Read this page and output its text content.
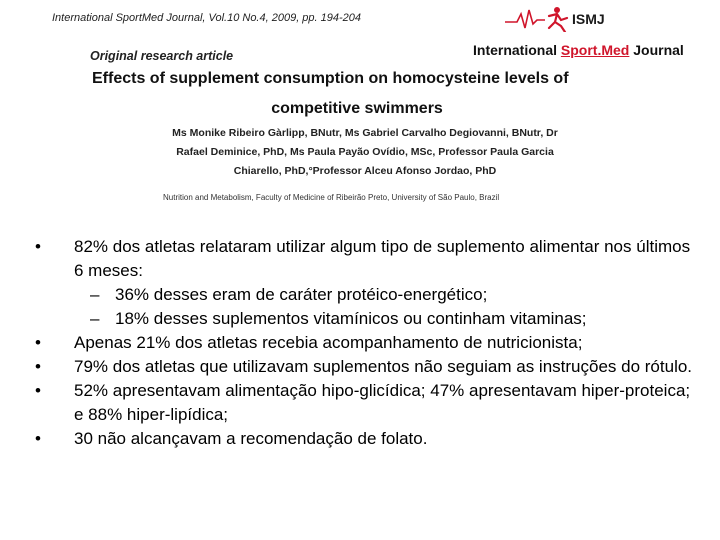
International SportMed Journal, Vol.10 No.4, 2009, pp. 194-204	ISMJ
International Sport.Med Journal
Original research article
Effects of supplement consumption on homocysteine levels of
competitive swimmers
Ms Monike Ribeiro Gàrlipp, BNutr, Ms Gabriel Carvalho Degiovanni, BNutr, Dr
Rafael Deminice, PhD, Ms Paula Payão Ovídio, MSc, Professor Paula Garcia
Chiarello, PhD,°Professor Alceu Afonso Jordao, PhD
Nutrition and Metabolism, Faculty of Medicine of Ribeirão Preto, University of São Paulo, Brazil
•	82% dos atletas relataram utilizar algum tipo de suplemento alimentar nos últimos 6 meses:
– 36% desses eram de caráter protéico-energético;
– 18% desses suplementos vitamínicos ou continham vitaminas;
•	Apenas 21% dos atletas recebia acompanhamento de nutricionista;
•	79% dos atletas que utilizavam suplementos não seguiam as instruções do rótulo.
•	52% apresentavam alimentação hipo-glicídica; 47% apresentavam hiper-proteica; e 88% hiper-lipídica;
•	30 não alcançavam a recomendação de folato.
